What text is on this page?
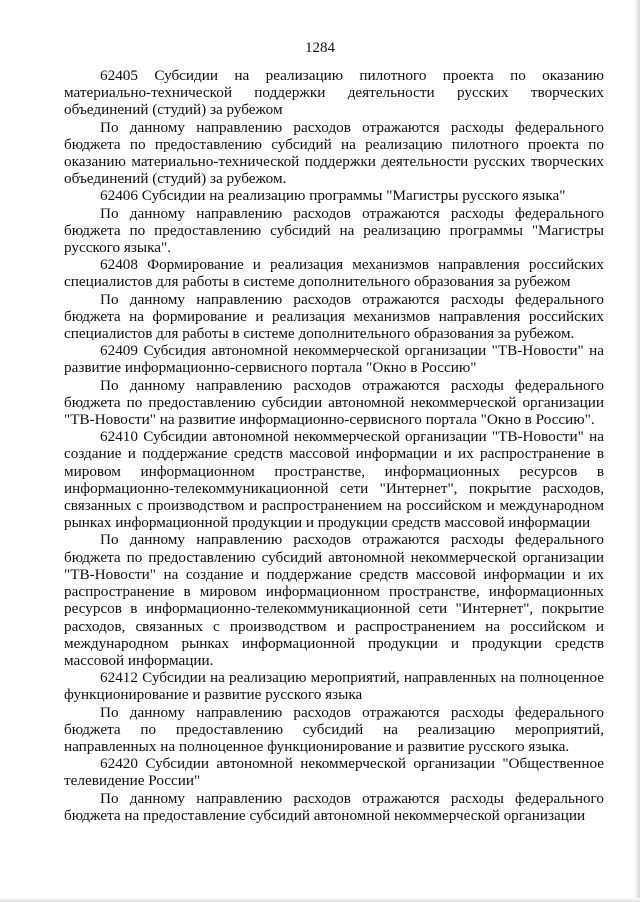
1284

62405 Субсидии на реализацию пилотного проекта по оказанию материально-технической поддержки деятельности русских творческих объединений (студий) за рубежом

По данному направлению расходов отражаются расходы федерального бюджета по предоставлению субсидий на реализацию пилотного проекта по оказанию материально-технической поддержки деятельности русских творческих объединений (студий) за рубежом.

62406 Субсидии на реализацию программы "Магистры русского языка"

По данному направлению расходов отражаются расходы федерального бюджета по предоставлению субсидий на реализацию программы "Магистры русского языка".

62408 Формирование и реализация механизмов направления российских специалистов для работы в системе дополнительного образования за рубежом

По данному направлению расходов отражаются расходы федерального бюджета на формирование и реализация механизмов направления российских специалистов для работы в системе дополнительного образования за рубежом.

62409 Субсидия автономной некоммерческой организации "ТВ-Новости" на развитие информационно-сервисного портала "Окно в Россию"

По данному направлению расходов отражаются расходы федерального бюджета по предоставлению субсидии автономной некоммерческой организации "ТВ-Новости" на развитие информационно-сервисного портала "Окно в Россию".

62410 Субсидии автономной некоммерческой организации "ТВ-Новости" на создание и поддержание средств массовой информации и их распространение в мировом информационном пространстве, информационных ресурсов в информационно-телекоммуникационной сети "Интернет", покрытие расходов, связанных с производством и распространением на российском и международном рынках информационной продукции и продукции средств массовой информации

По данному направлению расходов отражаются расходы федерального бюджета по предоставлению субсидий автономной некоммерческой организации "ТВ-Новости" на создание и поддержание средств массовой информации и их распространение в мировом информационном пространстве, информационных ресурсов в информационно-телекоммуникационной сети "Интернет", покрытие расходов, связанных с производством и распространением на российском и международном рынках информационной продукции и продукции средств массовой информации.

62412 Субсидии на реализацию мероприятий, направленных на полноценное функционирование и развитие русского языка

По данному направлению расходов отражаются расходы федерального бюджета по предоставлению субсидий на реализацию мероприятий, направленных на полноценное функционирование и развитие русского языка.

62420 Субсидии автономной некоммерческой организации "Общественное телевидение России"

По данному направлению расходов отражаются расходы федерального бюджета на предоставление субсидий автономной некоммерческой организации
